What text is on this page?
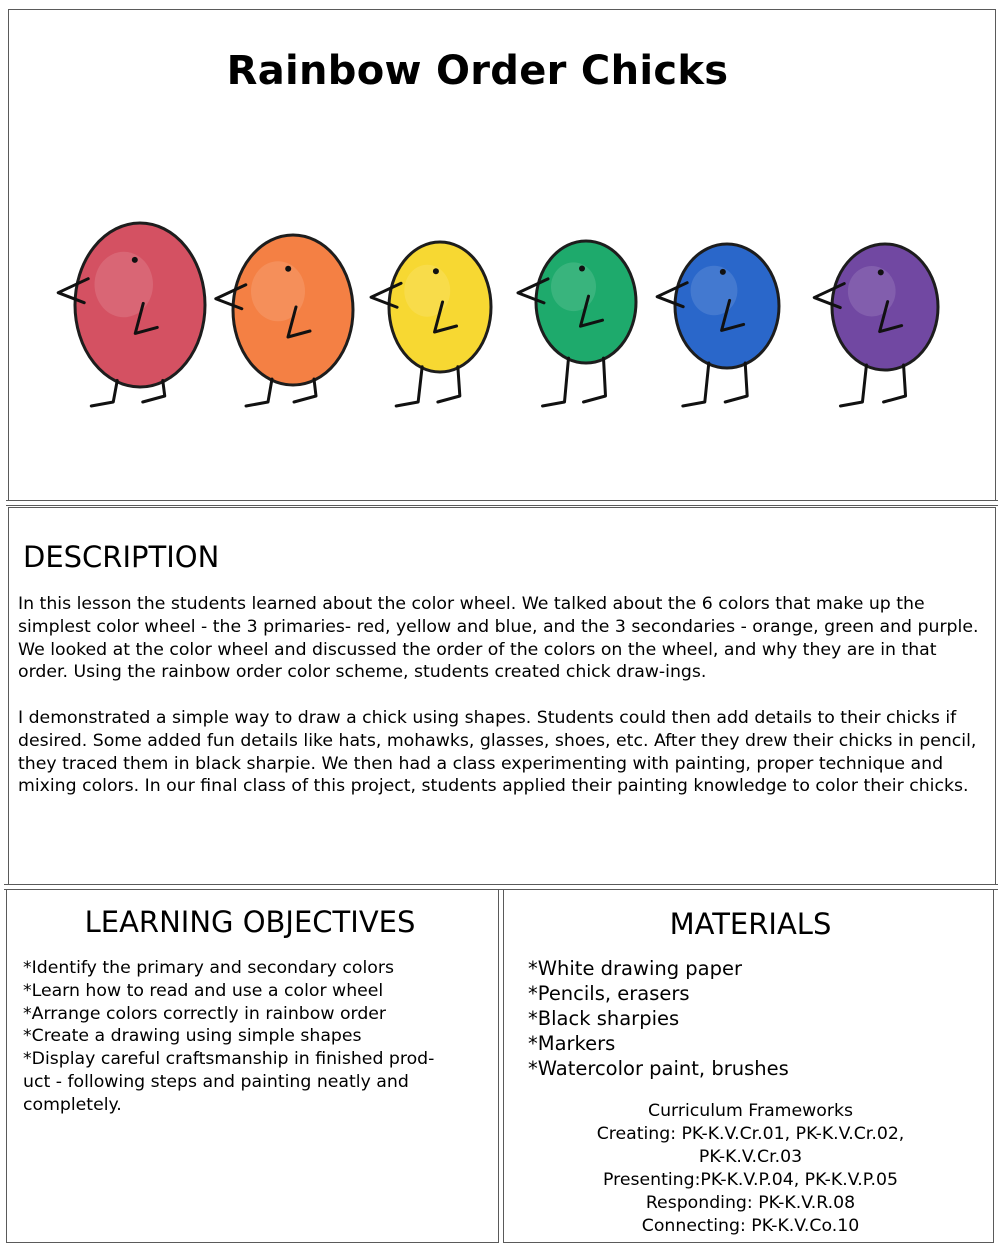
Rainbow Order Chicks
DESCRIPTION

In this lesson the students learned about the color wheel. We talked about the 6 colors that make up the simplest color wheel - the 3 primaries- red, yellow and blue, and the 3 secondaries - orange, green and purple. We looked at the color wheel and discussed the order of the colors on the wheel, and why they are in that order. Using the rainbow order color scheme, students created chick draw-ings.

I demonstrated a simple way to draw a chick using shapes. Students could then add details to their chicks if desired. Some added fun details like hats, mohawks, glasses, shoes, etc. After they drew their chicks in pencil, they traced them in black sharpie. We then had a class experimenting with painting, proper technique and mixing colors. In our final class of this project, students applied their painting knowledge to color their chicks.

LEARNING OBJECTIVES
*Identify the primary and secondary colors
*Learn how to read and use a color wheel
*Arrange colors correctly in rainbow order
*Create a drawing using simple shapes
*Display careful craftsmanship in finished prod-
uct - following steps and painting neatly and
completely.
MATERIALS
*White drawing paper
*Pencils, erasers
*Black sharpies
*Markers
*Watercolor paint, brushes
Curriculum Frameworks
Creating: PK-K.V.Cr.01, PK-K.V.Cr.02,
PK-K.V.Cr.03
Presenting:PK-K.V.P.04, PK-K.V.P.05
Responding: PK-K.V.R.08
Connecting: PK-K.V.Co.10
